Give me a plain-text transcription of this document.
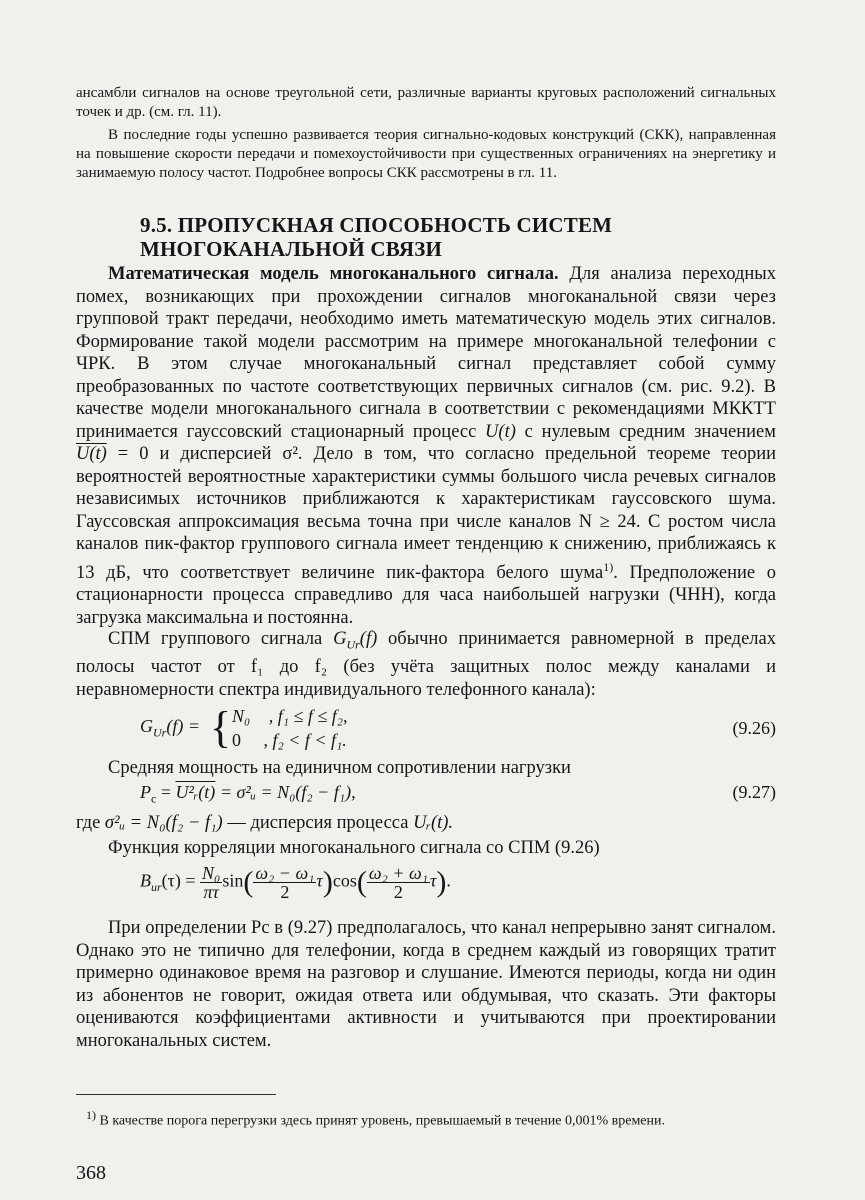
ансамбли сигналов на основе треугольной сети, различные варианты круговых расположений сигнальных точек и др. (см. гл. 11).

В последние годы успешно развивается теория сигнально-кодовых конструкций (СКК), направленная на повышение скорости передачи и помехоустойчивости при существенных ограничениях на энергетику и занимаемую полосу частот. Подробнее вопросы СКК рассмотрены в гл. 11.

9.5. ПРОПУСКНАЯ СПОСОБНОСТЬ СИСТЕМ
МНОГОКАНАЛЬНОЙ СВЯЗИ

Математическая модель многоканального сигнала. Для анализа переходных помех, возникающих при прохождении сигналов многоканальной связи через групповой тракт передачи, необходимо иметь математическую модель этих сигналов. Формирование такой модели рассмотрим на примере многоканальной телефонии с ЧРК. В этом случае многоканальный сигнал представляет собой сумму преобразованных по частоте соответствующих первичных сигналов (см. рис. 9.2). В качестве модели многоканального сигнала в соответствии с рекомендациями МККТТ принимается гауссовский стационарный процесс U(t) с нулевым средним значением U(t) = 0 и дисперсией σ². Дело в том, что согласно предельной теореме теории вероятностей вероятностные характеристики суммы большого числа речевых сигналов независимых источников приближаются к характеристикам гауссовского шума. Гауссовская аппроксимация весьма точна при числе каналов N ≥ 24. С ростом числа каналов пик-фактор группового сигнала имеет тенденцию к снижению, приближаясь к 13 дБ, что соответствует величине пик-фактора белого шума$^{1)}$. Предположение о стационарности процесса справедливо для часа наибольшей нагрузки (ЧНН), когда загрузка максимальна и постоянна.

СПМ группового сигнала $G_{Ur}(f)$ обычно принимается равномерной в пределах полосы частот от f₁ до f₂ (без учёта защитных полос между каналами и неравномерности спектра индивидуального телефонного канала):

$G_{Ur}(f)$ = { N₀ , f₁ ≤ f ≤ f₂,
0 , f₂ < f < f₁.
(9.26)

Средняя мощность на единичном сопротивлении нагрузки

$P_c$ = U²ᵣ(t) = σ²ᵤ = N₀(f₂ − f₁),	(9.27)

где σ²ᵤ = N₀(f₂ − f₁) — дисперсия процесса Uᵣ(t).

Функция корреляции многоканального сигнала со СПМ (9.26)

$B_{ur}(\tau) = \frac{\text{N₀}}{\pi\tau} \sin( \frac{\text{ω₂ − ω₁}}{2} \tau)\cos( \frac{\text{ω₂ + ω₁}}{2} \tau)$.

При определении Pc в (9.27) предполагалось, что канал непрерывно занят сигналом. Однако это не типично для телефонии, когда в среднем каждый из говорящих тратит примерно одинаковое время на разговор и слушание. Имеются периоды, когда ни один из абонентов не говорит, ожидая ответа или обдумывая, что сказать. Эти факторы оцениваются коэффициентами активности и учитываются при проектировании многоканальных систем.

$^{1)}$ В качестве порога перегрузки здесь принят уровень, превышаемый в течение 0,001% времени.
368
